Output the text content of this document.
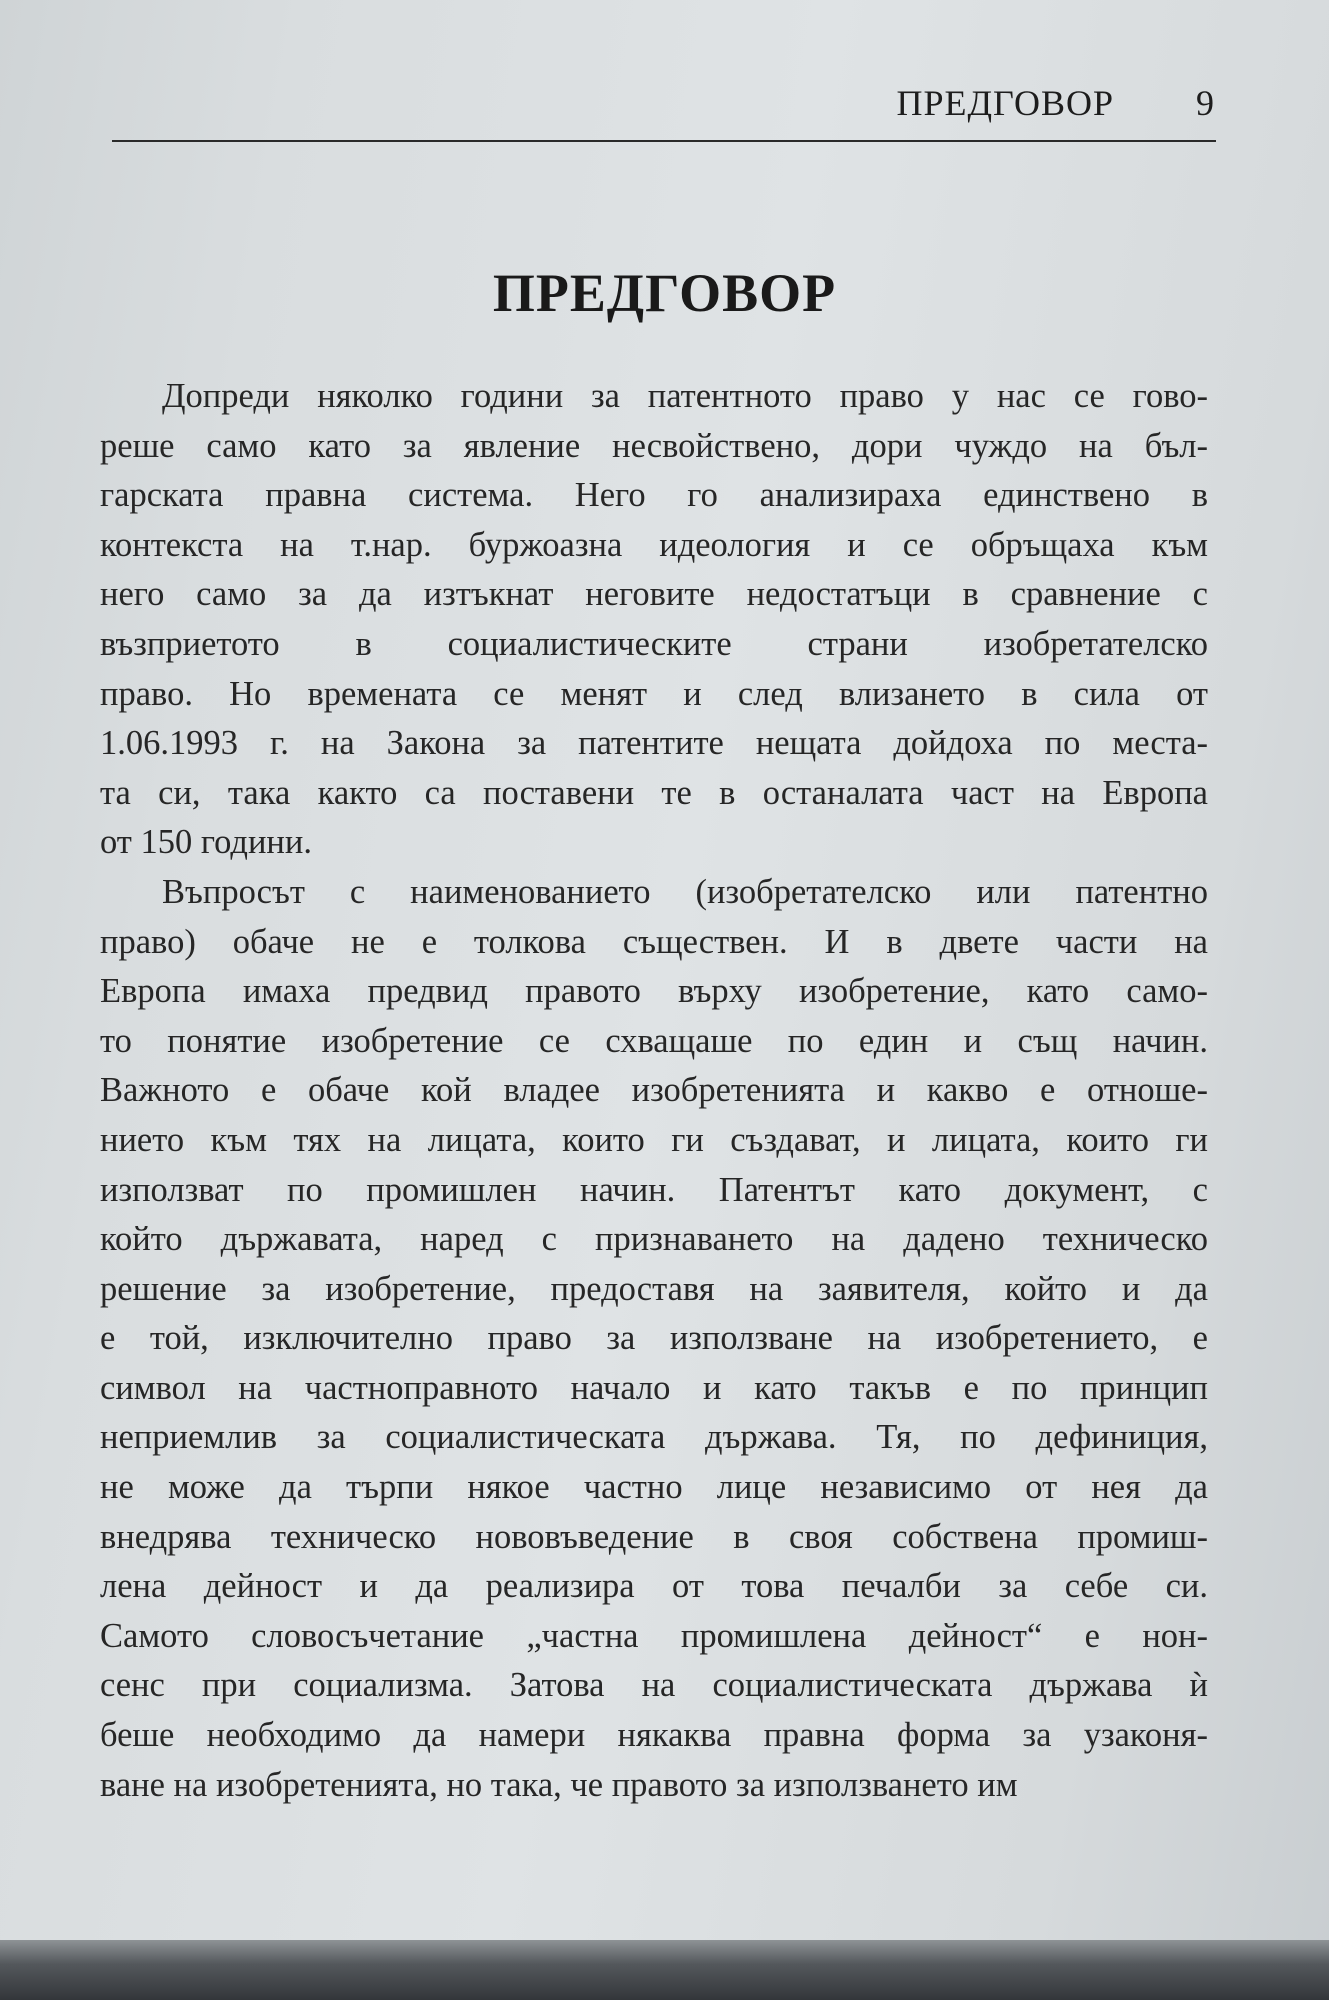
ПРЕДГОВОР 9
ПРЕДГОВОР

Допреди няколко години за патентното право у нас се гово-
реше само като за явление несвойствено, дори чуждо на бъл-
гарската правна система. Него го анализираха единствено в
контекста на т.нар. буржоазна идеология и се обръщаха към
него само за да изтъкнат неговите недостатъци в сравнение с
възприетото в социалистическите страни изобретателско
право. Но времената се менят и след влизането в сила от
1.06.1993 г. на Закона за патентите нещата дойдоха по места-
та си, така както са поставени те в останалата част на Европа
от 150 години.

Въпросът с наименованието (изобретателско или патентно
право) обаче не е толкова съществен. И в двете части на
Европа имаха предвид правото върху изобретение, като само-
то понятие изобретение се схващаше по един и същ начин.
Важното е обаче кой владее изобретенията и какво е отноше-
нието към тях на лицата, които ги създават, и лицата, които ги
използват по промишлен начин. Патентът като документ, с
който държавата, наред с признаването на дадено техническо
решение за изобретение, предоставя на заявителя, който и да
е той, изключително право за използване на изобретението, е
символ на частноправното начало и като такъв е по принцип
неприемлив за социалистическата държава. Тя, по дефиниция,
не може да търпи някое частно лице независимо от нея да
внедрява техническо нововъведение в своя собствена промиш-
лена дейност и да реализира от това печалби за себе си.
Самото словосъчетание „частна промишлена дейност“ е нон-
сенс при социализма. Затова на социалистическата държава ѝ
беше необходимо да намери някаква правна форма за узаконя-
ване на изобретенията, но така, че правото за използването им
